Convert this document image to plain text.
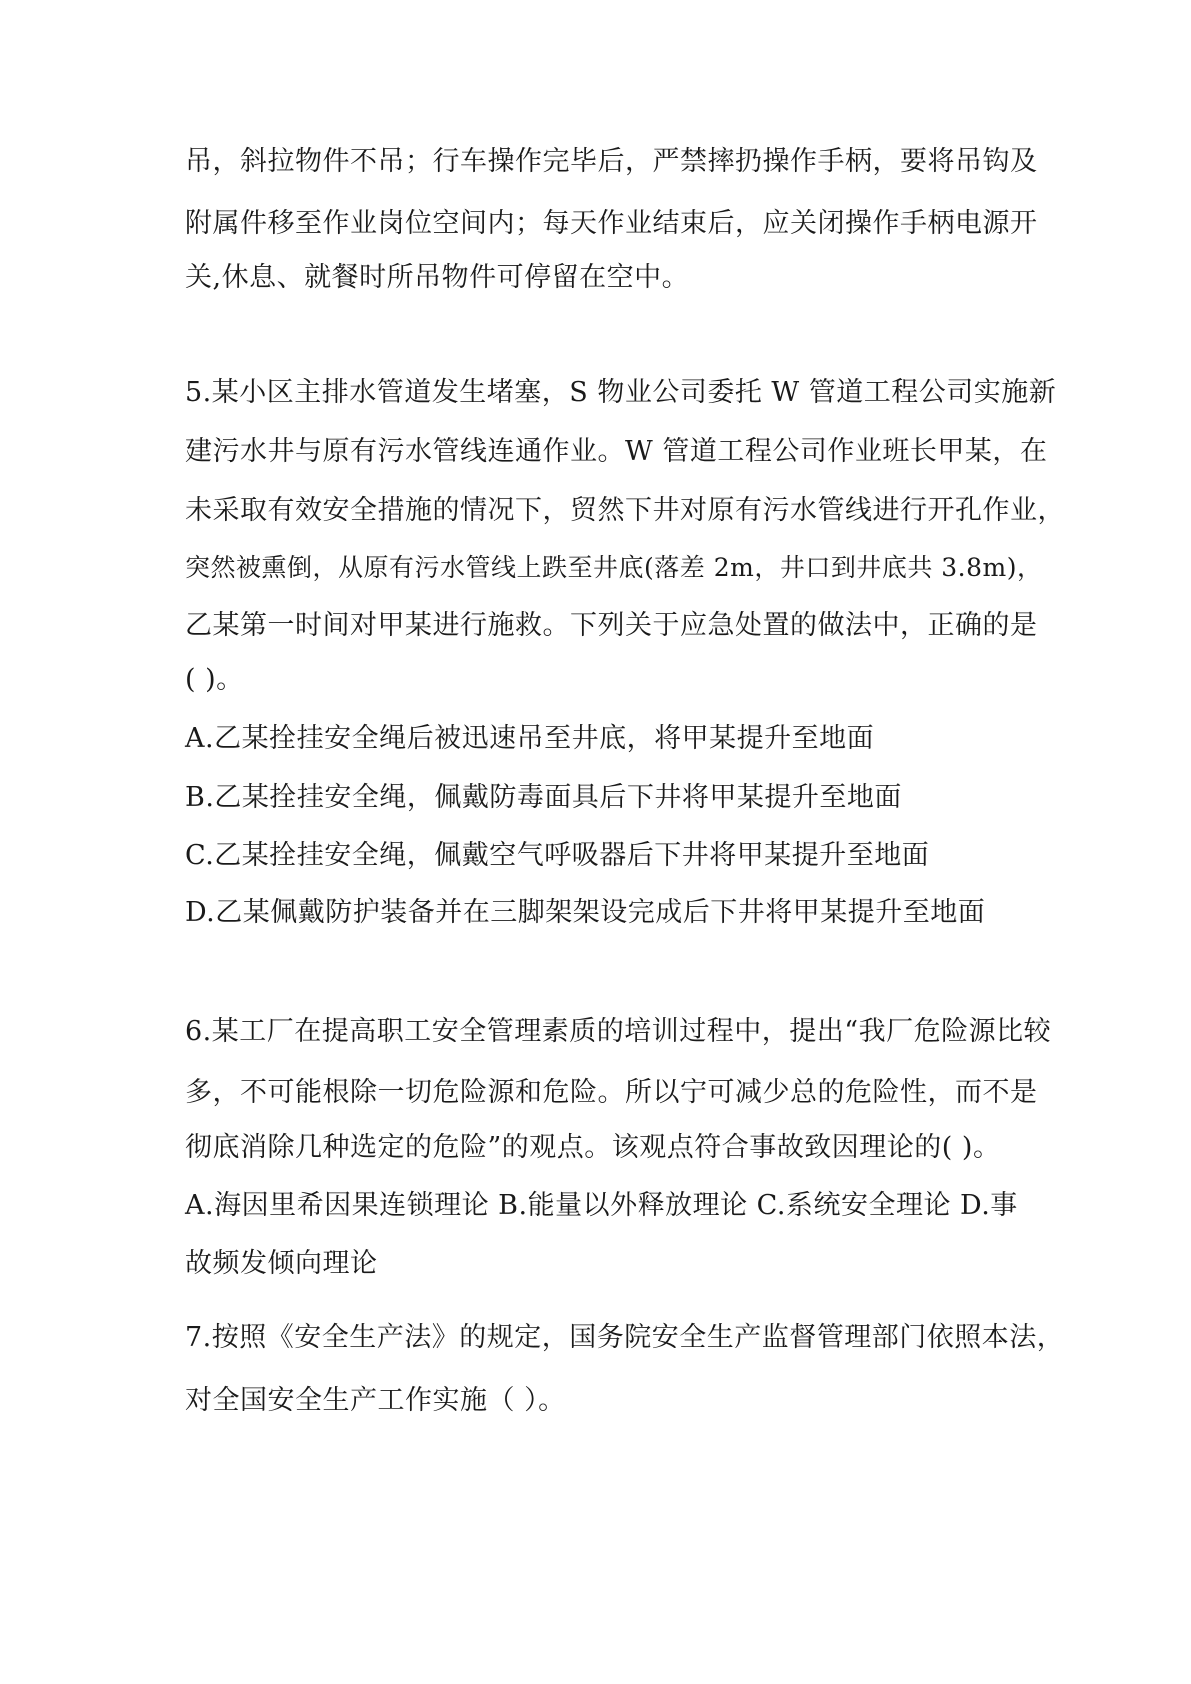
吊，斜拉物件不吊；行车操作完毕后，严禁摔扔操作手柄，要将吊钩及
附属件移至作业岗位空间内；每天作业结束后，应关闭操作手柄电源开
关,休息、就餐时所吊物件可停留在空中。
5.某小区主排水管道发生堵塞，S 物业公司委托 W 管道工程公司实施新
建污水井与原有污水管线连通作业。W 管道工程公司作业班长甲某，在
未采取有效安全措施的情况下，贸然下井对原有污水管线进行开孔作业，
突然被熏倒，从原有污水管线上跌至井底(落差 2m，井口到井底共 3.8m)，
乙某第一时间对甲某进行施救。下列关于应急处置的做法中，正确的是
( )。
A.乙某拴挂安全绳后被迅速吊至井底，将甲某提升至地面
B.乙某拴挂安全绳，佩戴防毒面具后下井将甲某提升至地面
C.乙某拴挂安全绳，佩戴空气呼吸器后下井将甲某提升至地面
D.乙某佩戴防护装备并在三脚架架设完成后下井将甲某提升至地面
6.某工厂在提高职工安全管理素质的培训过程中，提出“我厂危险源比较
多，不可能根除一切危险源和危险。所以宁可减少总的危险性，而不是
彻底消除几种选定的危险”的观点。该观点符合事故致因理论的( )。
A.海因里希因果连锁理论 B.能量以外释放理论 C.系统安全理论 D.事
故频发倾向理论
7.按照《安全生产法》的规定，国务院安全生产监督管理部门依照本法，
对全国安全生产工作实施（ ）。
